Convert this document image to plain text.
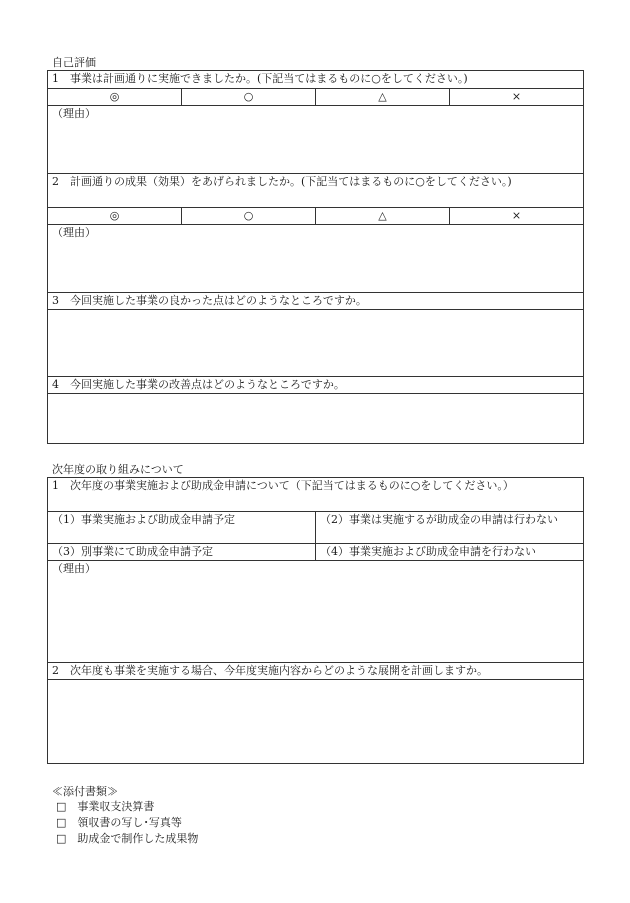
自己評価
1　事業は計画通りに実施できましたか。(下記当てはまるものに○をしてください。)			
◎	○	△	×
（理由）			
2　計画通りの成果（効果）をあげられましたか。(下記当てはまるものに○をしてください。)			
◎	○	△	×
（理由）			
3　今回実施した事業の良かった点はどのようなところですか。			

4　今回実施した事業の改善点はどのようなところですか。			

次年度の取り組みについて
1　次年度の事業実施および助成金申請について（下記当てはまるものに○をしてください。）	
（1）事業実施および助成金申請予定	（2）事業は実施するが助成金の申請は行わない
（3）別事業にて助成金申請予定	（4）事業実施および助成金申請を行わない
（理由）	
2　次年度も事業を実施する場合、今年度実施内容からどのような展開を計画しますか。	

≪添付書類≫
□　 事業収支決算書
□　 領収書の写し･写真等
□　 助成金で制作した成果物
